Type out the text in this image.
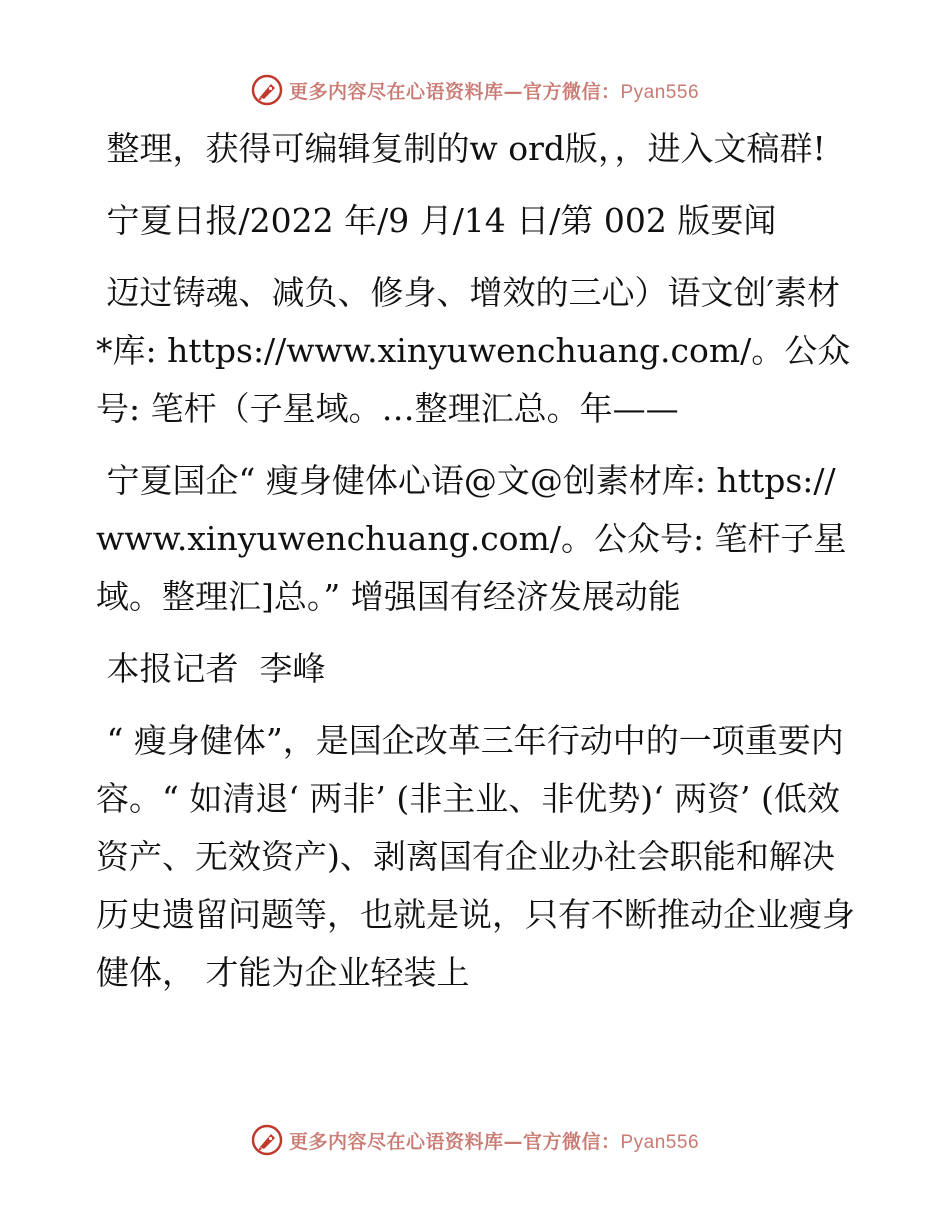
更多内容尽在心语资料库—官方微信：Pyan556

整理，获得可编辑复制的w ord版，，进入文稿群!

宁夏日报/2022 年/9 月/14 日/第 002 版要闻

迈过铸魂、减负、修身、增效的三心）语文创′素材*库: https://www.xinyuwenchuang.com/。公众号: 笔杆（子星域。…整理汇总。年——

宁夏国企“ 瘦身健体心语@文@创素材库: https://www.xinyuwenchuang.com/。公众号: 笔杆子星域。整理汇]总。” 增强国有经济发展动能

本报记者  李峰

“ 瘦身健体”，是国企改革三年行动中的一项重要内容。“ 如清退‘ 两非’ (非主业、非优势)‘ 两资’ (低效资产、无效资产)、剥离国有企业办社会职能和解决历史遗留问题等，也就是说，只有不断推动企业瘦身健体， 才能为企业轻装上

更多内容尽在心语资料库—官方微信：Pyan556
